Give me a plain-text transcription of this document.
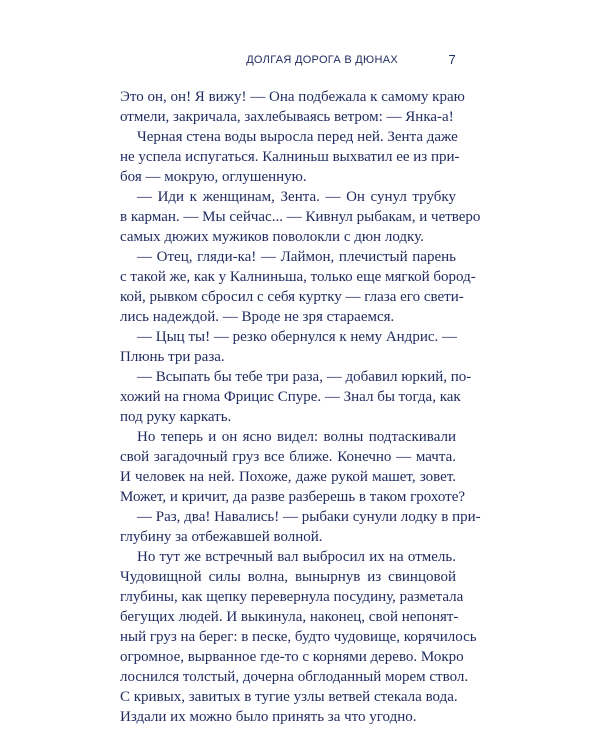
ДОЛГАЯ ДОРОГА В ДЮНАХ	7
Это он, он! Я вижу! — Она подбежала к самому краю
отмели, закричала, захлебываясь ветром: — Янка-а!
Черная стена воды выросла перед ней. Зента даже
не успела испугаться. Калниньш выхватил ее из при-
боя — мокрую, оглушенную.
— Иди к женщинам, Зента. — Он сунул трубку
в карман. — Мы сейчас... — Кивнул рыбакам, и четверо
самых дюжих мужиков поволокли с дюн лодку.
— Отец, гляди-ка! — Лаймон, плечистый парень
с такой же, как у Калниньша, только еще мягкой бород-
кой, рывком сбросил с себя куртку — глаза его свети-
лись надеждой. — Вроде не зря стараемся.
— Цыц ты! — резко обернулся к нему Андрис. —
Плюнь три раза.
— Всыпать бы тебе три раза, — добавил юркий, по-
хожий на гнома Фрицис Спуре. — Знал бы тогда, как
под руку каркать.
Но теперь и он ясно видел: волны подтаскивали
свой загадочный груз все ближе. Конечно — мачта.
И человек на ней. Похоже, даже рукой машет, зовет.
Может, и кричит, да разве разберешь в таком грохоте?
— Раз, два! Навались! — рыбаки сунули лодку в при-
глубину за отбежавшей волной.
Но тут же встречный вал выбросил их на отмель.
Чудовищной силы волна, вынырнув из свинцовой
глубины, как щепку перевернула посудину, разметала
бегущих людей. И выкинула, наконец, свой непонят-
ный груз на берег: в песке, будто чудовище, корячилось
огромное, вырванное где-то с корнями дерево. Мокро
лоснился толстый, дочерна обглоданный морем ствол.
С кривых, завитых в тугие узлы ветвей стекала вода.
Издали их можно было принять за что угодно.
